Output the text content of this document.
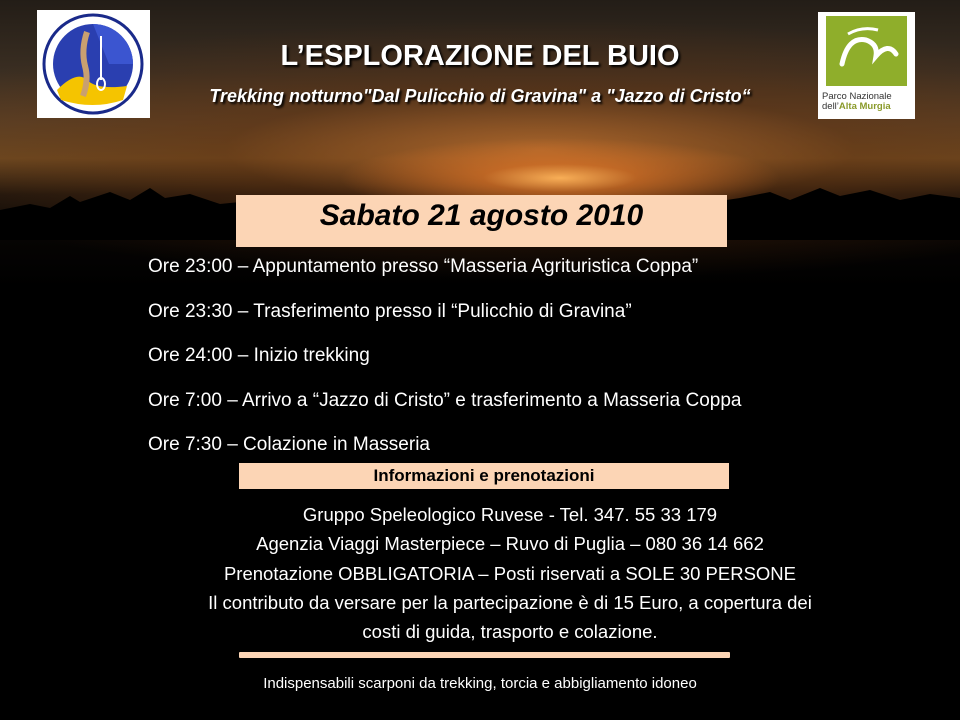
Parco Nazionale
dell’Alta Murgia
L’ESPLORAZIONE DEL BUIO
Trekking notturno"Dal Pulicchio di Gravina" a "Jazzo di Cristo“
Sabato 21 agosto 2010
Ore 23:00 – Appuntamento presso “Masseria Agrituristica Coppa”
Ore 23:30 – Trasferimento presso il “Pulicchio di Gravina”
Ore 24:00 – Inizio trekking
Ore 7:00 – Arrivo a “Jazzo di Cristo” e trasferimento a Masseria Coppa
Ore 7:30 – Colazione in Masseria
Informazioni e prenotazioni
Gruppo Speleologico Ruvese - Tel. 347. 55 33 179
Agenzia Viaggi Masterpiece – Ruvo di Puglia – 080 36 14 662
Prenotazione OBBLIGATORIA – Posti riservati a SOLE 30 PERSONE
Il contributo da versare per la partecipazione è di 15 Euro, a copertura dei
costi di guida, trasporto e colazione.
Indispensabili scarponi da trekking, torcia e abbigliamento idoneo
